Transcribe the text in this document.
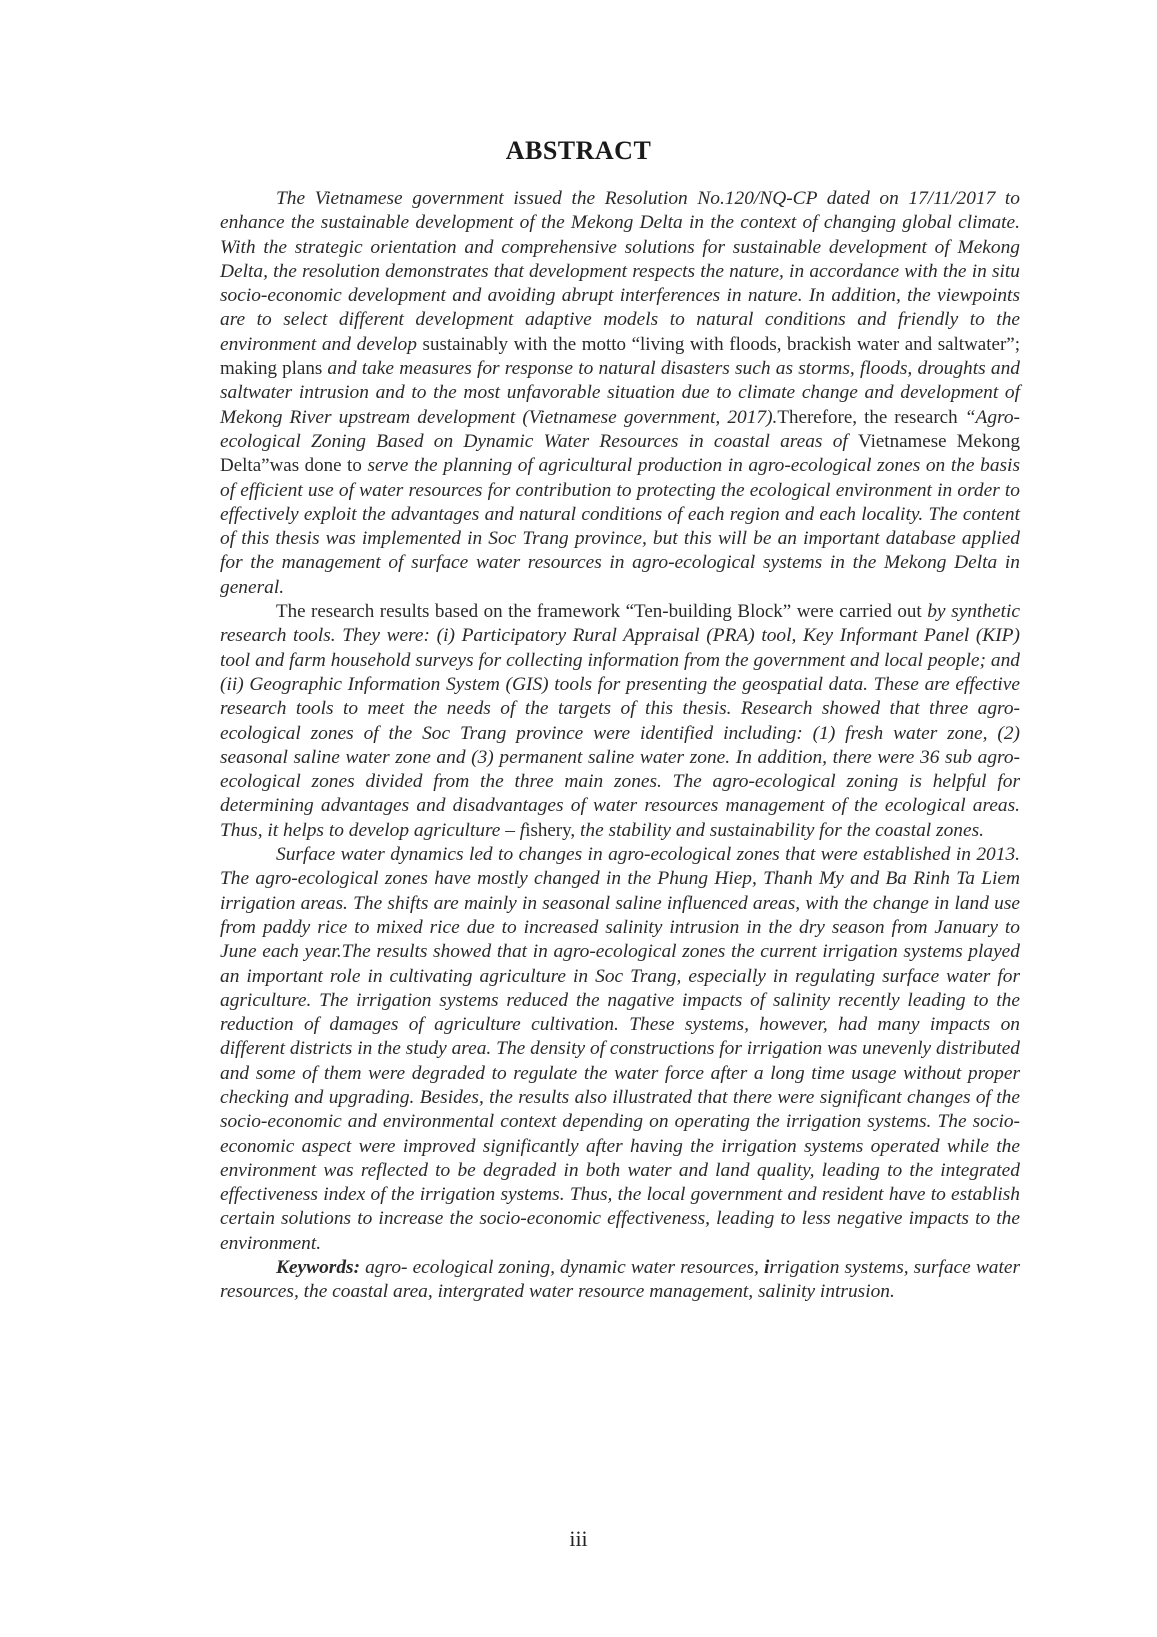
ABSTRACT

The Vietnamese government issued the Resolution No.120/NQ-CP dated on 17/11/2017 to enhance the sustainable development of the Mekong Delta in the context of changing global climate. With the strategic orientation and comprehensive solutions for sustainable development of Mekong Delta, the resolution demonstrates that development respects the nature, in accordance with the in situ socio-economic development and avoiding abrupt interferences in nature. In addition, the viewpoints are to select different development adaptive models to natural conditions and friendly to the environment and develop sustainably with the motto “living with floods, brackish water and saltwater”; making plans and take measures for response to natural disasters such as storms, floods, droughts and saltwater intrusion and to the most unfavorable situation due to climate change and development of Mekong River upstream development (Vietnamese government, 2017).Therefore, the research “Agro-ecological Zoning Based on Dynamic Water Resources in coastal areas of Vietnamese Mekong Delta”was done to serve the planning of agricultural production in agro-ecological zones on the basis of efficient use of water resources for contribution to protecting the ecological environment in order to effectively exploit the advantages and natural conditions of each region and each locality. The content of this thesis was implemented in Soc Trang province, but this will be an important database applied for the management of surface water resources in agro-ecological systems in the Mekong Delta in general.

The research results based on the framework “Ten-building Block” were carried out by synthetic research tools. They were: (i) Participatory Rural Appraisal (PRA) tool, Key Informant Panel (KIP) tool and farm household surveys for collecting information from the government and local people; and (ii) Geographic Information System (GIS) tools for presenting the geospatial data. These are effective research tools to meet the needs of the targets of this thesis. Research showed that three agro-ecological zones of the Soc Trang province were identified including: (1) fresh water zone, (2) seasonal saline water zone and (3) permanent saline water zone. In addition, there were 36 sub agro- ecological zones divided from the three main zones. The agro-ecological zoning is helpful for determining advantages and disadvantages of water resources management of the ecological areas. Thus, it helps to develop agriculture – fishery, the stability and sustainability for the coastal zones.

Surface water dynamics led to changes in agro-ecological zones that were established in 2013. The agro-ecological zones have mostly changed in the Phung Hiep, Thanh My and Ba Rinh Ta Liem irrigation areas. The shifts are mainly in seasonal saline influenced areas, with the change in land use from paddy rice to mixed rice due to increased salinity intrusion in the dry season from January to June each year.The results showed that in agro-ecological zones the current irrigation systems played an important role in cultivating agriculture in Soc Trang, especially in regulating surface water for agriculture. The irrigation systems reduced the nagative impacts of salinity recently leading to the reduction of damages of agriculture cultivation. These systems, however, had many impacts on different districts in the study area. The density of constructions for irrigation was unevenly distributed and some of them were degraded to regulate the water force after a long time usage without proper checking and upgrading. Besides, the results also illustrated that there were significant changes of the socio-economic and environmental context depending on operating the irrigation systems. The socio-economic aspect were improved significantly after having the irrigation systems operated while the environment was reflected to be degraded in both water and land quality, leading to the integrated effectiveness index of the irrigation systems. Thus, the local government and resident have to establish certain solutions to increase the socio-economic effectiveness, leading to less negative impacts to the environment.

Keywords: agro- ecological zoning, dynamic water resources, irrigation systems, surface water resources, the coastal area, intergrated water resource management, salinity intrusion.

iii
